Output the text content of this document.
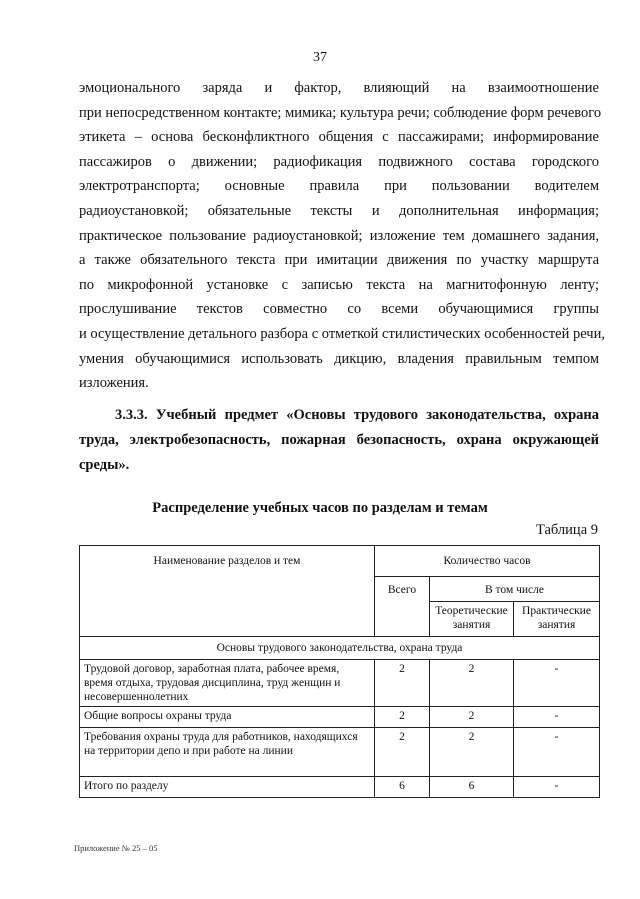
37
эмоционального заряда и фактор, влияющий на взаимоотношение
при непосредственном контакте; мимика; культура речи; соблюдение форм речевого
этикета – основа бесконфликтного общения с пассажирами; информирование
пассажиров о движении; радиофикация подвижного состава городского
электротранспорта; основные правила при пользовании водителем
радиоустановкой; обязательные тексты и дополнительная информация;
практическое пользование радиоустановкой; изложение тем домашнего задания,
а также обязательного текста при имитации движения по участку маршрута
по микрофонной установке с записью текста на магнитофонную ленту;
прослушивание текстов совместно со всеми обучающимися группы
и осуществление детального разбора с отметкой стилистических особенностей речи,
умения обучающимися использовать дикцию, владения правильным темпом
изложения.
3.3.3. Учебный предмет «Основы трудового законодательства, охрана
труда, электробезопасность, пожарная безопасность, охрана окружающей
среды».
Распределение учебных часов по разделам и темам
Таблица 9
Наименование разделов и тем	Количество часов		
	Всего	В том числе	
		Теоретические занятия	Практические занятия
Основы трудового законодательства, охрана труда			
Трудовой договор, заработная плата, рабочее время, время отдыха, трудовая дисциплина, труд женщин и несовершеннолетних	2	2	-
Общие вопросы охраны труда	2	2	-
Требования охраны труда для работников, находящихся на территории депо и при работе на линии	2	2	-
Итого по разделу	6	6	-
Приложение № 25 – 05
